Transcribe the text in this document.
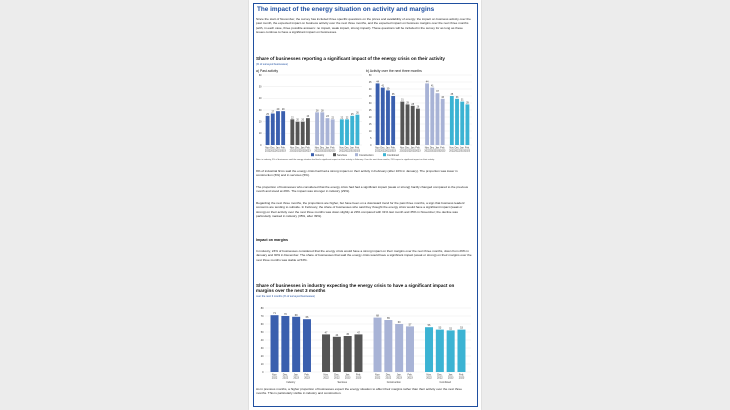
The impact of the energy situation on activity and margins

Since the start of November, the survey has included three specific questions on the prices and availability of energy: the impact on business activity over the past month, the expected impact on business activity over the next three months, and the expected impact on business margins over the next three months (with, in each case, three possible answers: no impact, weak impact, strong impact). These questions will be included in the survey for as long as these issues continue to have a significant impact on businesses.

Share of businesses reporting a significant impact of the energy crisis on their activity

(% of surveyed businesses)

a) Past activity
0
10
20
30
40
50
60
25
Nov.
2022
27
Dec.
2022
29
Jan.
2023
29
Feb.
2023
22
Nov.
2022
20
Dec.
2022
20
Jan.
2023
23
Feb.
2023
28
Nov.
2022
28
Dec.
2022
23
Jan.
2023
22
Feb.
2023
22
Nov.
2022
22
Dec.
2022
25
Jan.
2023
26
Feb.
2023
b) Activity over the next three months
0
5
10
15
20
25
30
35
40
45
50
44
Nov.
2022
41
Dec.
2022
39
Jan.
2023
35
Feb.
2023
31
Nov.
2022
29
Dec.
2022
28
Jan.
2023
26
Feb.
2023
44
Nov.
2022
41
Dec.
2022
37
Jan.
2023
33
Feb.
2023
35
Nov.
2022
33
Dec.
2022
31
Jan.
2023
29
Feb.
2023
Industry	Services	Construction	Combined

Note: in industry, 9% of businesses said the energy situation had had a significant impact on their activity in February. Over the next three months, 29% expect a significant impact on their activity.

9% of industrial firms said the energy crisis had had a strong impact on their activity in February (after 10% in January). The proportion was lower in construction (6%) and in services (5%).

The proportion of businesses who considered that the energy crisis had had a significant impact (weak or strong) hardly changed compared to the previous month and stood at 26%. The impact was stronger in industry (29%).

Regarding the next three months, the proportions are higher, but have been on a downward trend for the past three months, a sign that business leaders' concerns are tending to subside. In February, the share of businesses who said they thought the energy crisis would have a significant impact (weak or strong) on their activity over the next three months was down slightly at 29% compared with 31% last month and 35% in November; the decline was particularly marked in industry (35%, after 39%).

Impact on margins

In industry, 23% of businesses considered that the energy crisis would have a strong impact on their margins over the next three months, down from 26% in January and 30% in December. The share of businesses that said the energy crisis would have a significant impact (weak or strong) on their margins over the next three months was stable at 53%.

Share of businesses in industry expecting the energy crisis to have a significant impact on margins over the next 3 months

over the next 3 months (% of surveyed businesses)

0
10
20
30
40
50
60
70
80
71
Nov.
2022
70
Dec.
2022
69
Jan.
2023
66
Feb.
2023
Industry
47
Nov.
2022
44
Dec.
2022
45
Jan.
2023
47
Feb.
2023
Services
68
Nov.
2022
65
Dec.
2022
60
Jan.
2023
57
Feb.
2023
Construction
56
Nov.
2022
53
Dec.
2022
52
Jan.
2023
53
Feb.
2023
Combined

As in previous months, a higher proportion of businesses expect the energy situation to affect their margins rather than their activity over the next three months. This is particularly visible in industry and construction.
